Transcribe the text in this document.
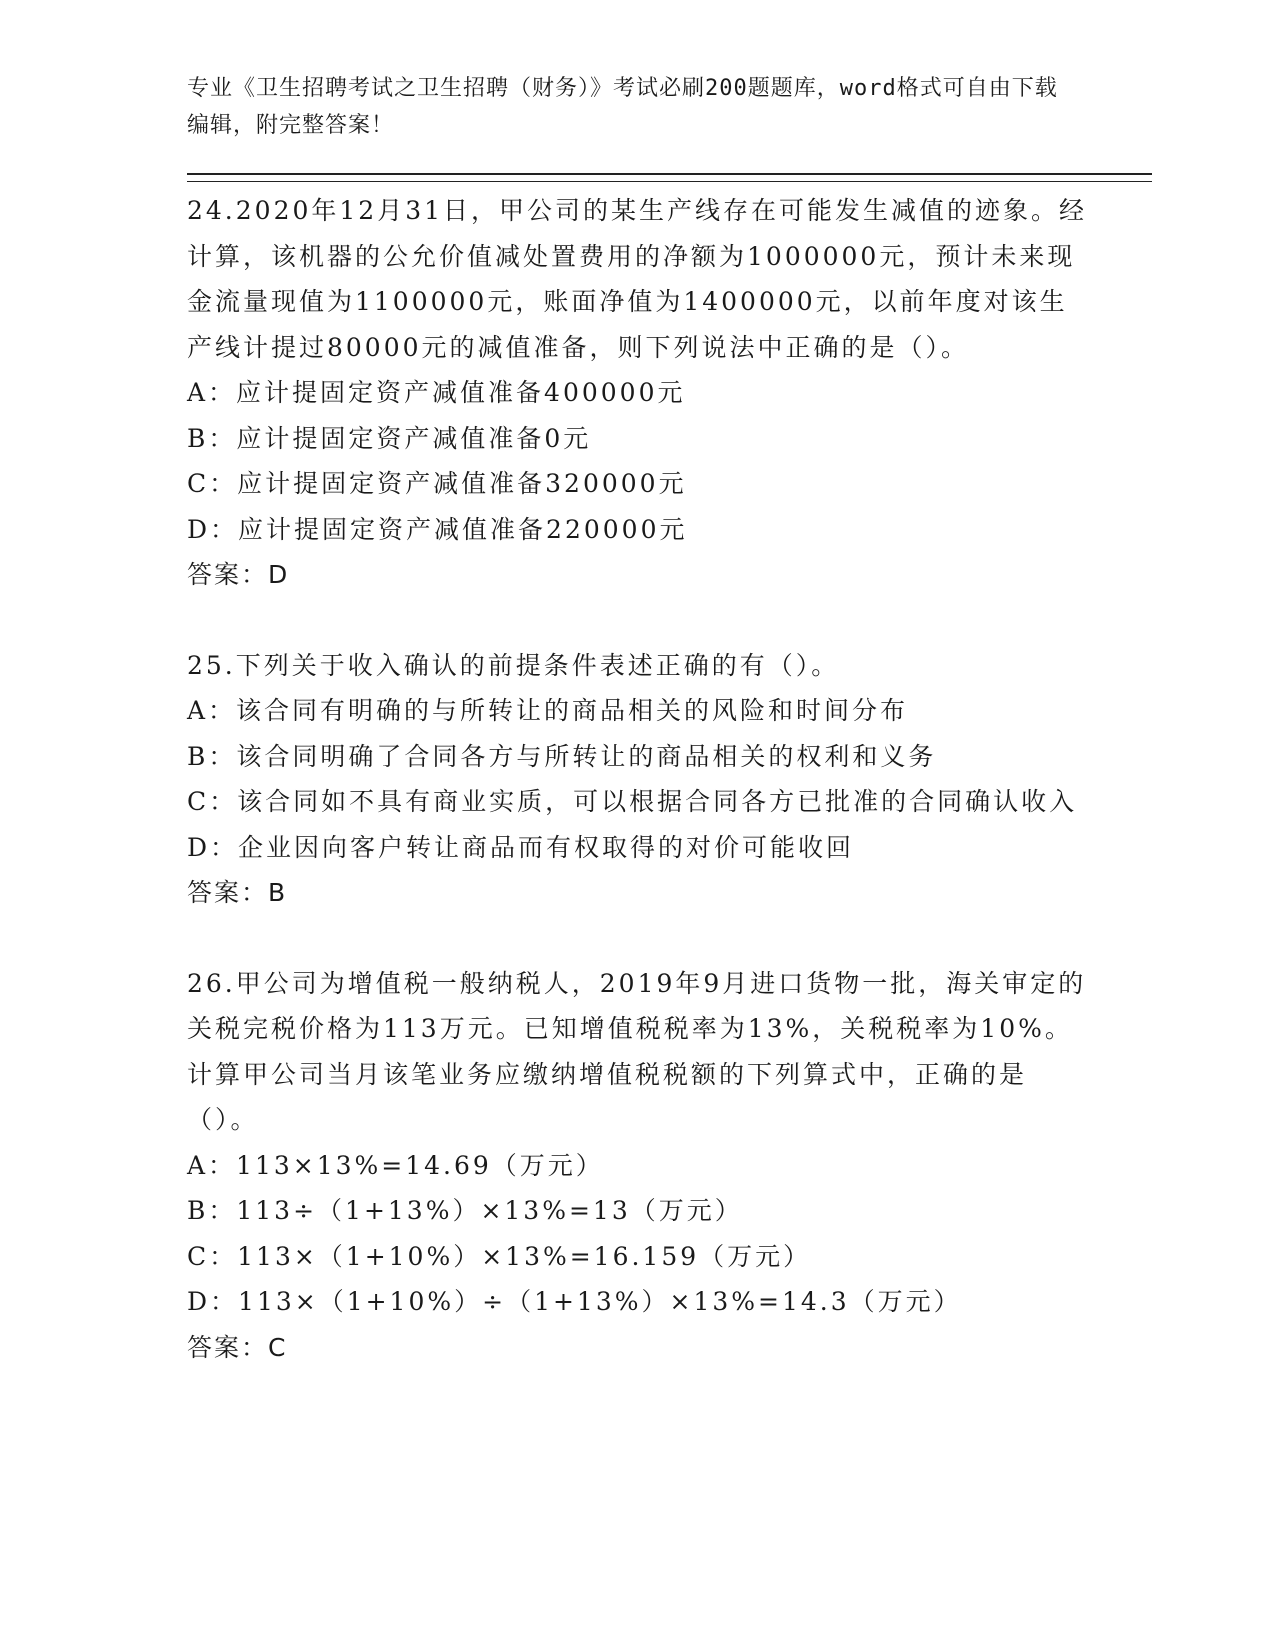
专业《卫生招聘考试之卫生招聘（财务）》考试必刷200题题库，word格式可自由下载编辑，附完整答案！

24.2020年12月31日，甲公司的某生产线存在可能发生减值的迹象。经计算，该机器的公允价值减处置费用的净额为1000000元，预计未来现金流量现值为1100000元，账面净值为1400000元，以前年度对该生产线计提过80000元的减值准备，则下列说法中正确的是（）。

A：应计提固定资产减值准备400000元

B：应计提固定资产减值准备0元

C：应计提固定资产减值准备320000元

D：应计提固定资产减值准备220000元

答案：D

25.下列关于收入确认的前提条件表述正确的有（）。

A：该合同有明确的与所转让的商品相关的风险和时间分布

B：该合同明确了合同各方与所转让的商品相关的权利和义务

C：该合同如不具有商业实质，可以根据合同各方已批准的合同确认收入

D：企业因向客户转让商品而有权取得的对价可能收回

答案：B

26.甲公司为增值税一般纳税人，2019年9月进口货物一批，海关审定的关税完税价格为113万元。已知增值税税率为13%，关税税率为10%。计算甲公司当月该笔业务应缴纳增值税税额的下列算式中，正确的是（）。

A：113×13%=14.69（万元）

B：113÷（1+13%）×13%=13（万元）

C：113×（1+10%）×13%=16.159（万元）

D：113×（1+10%）÷（1+13%）×13%=14.3（万元）

答案：C
